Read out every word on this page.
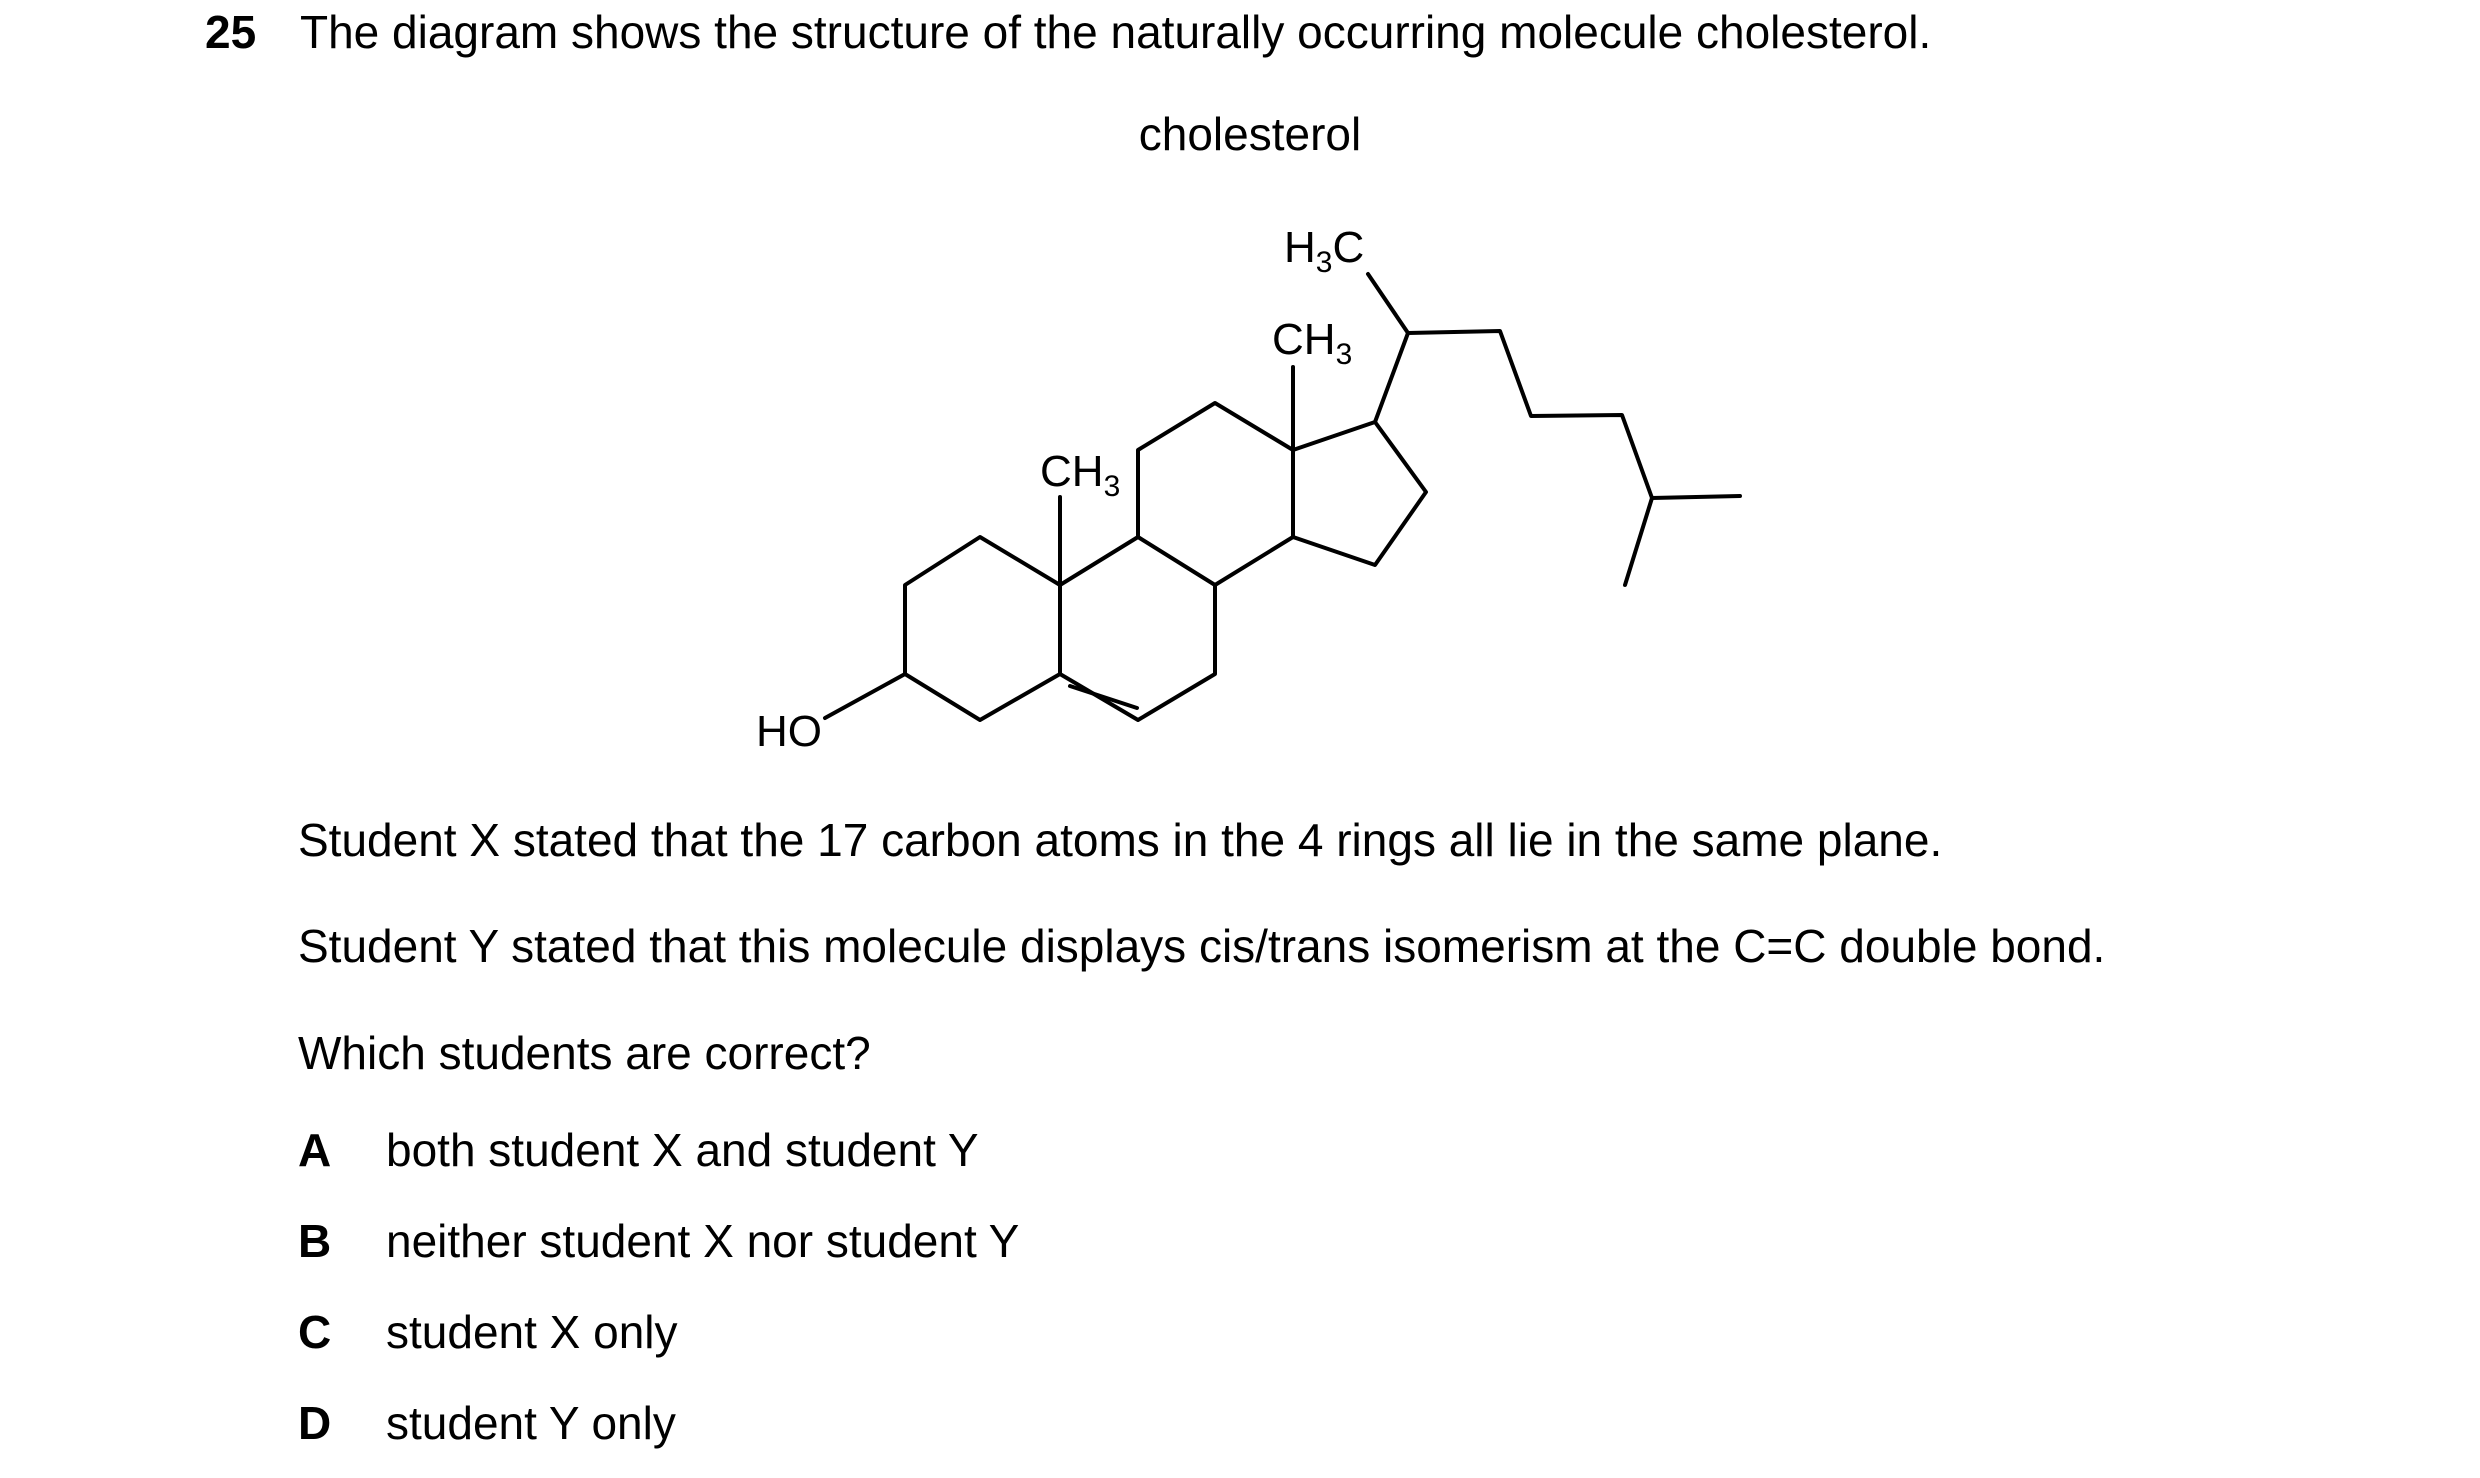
25 The diagram shows the structure of the naturally occurring molecule cholesterol.
cholesterol
HO
$CH_3$
$CH_3$
$H_3C$
Student X stated that the 17 carbon atoms in the 4 rings all lie in the same plane.
Student Y stated that this molecule displays cis/trans isomerism at the C=C double bond.
Which students are correct?
A both student X and student Y
B neither student X nor student Y
C student X only
D student Y only
